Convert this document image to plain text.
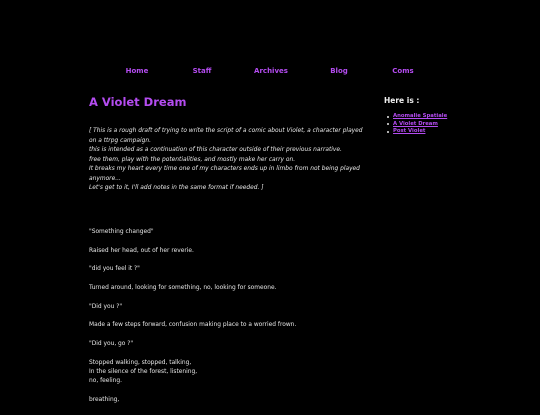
Home	Staff	Archives	Blog	Coms
A Violet Dream
[ This is a rough draft of trying to write the script of a comic about Violet, a character played on a ttrpg campaign.
this is intended as a continuation of this character outside of their previous narrative.
free them, play with the potentialities, and mostly make her carry on.
It breaks my heart every time one of my characters ends up in limbo from not being played anymore...
Let's get to it, I'll add notes in the same format if needed. ]
"Something changed"
Raised her head, out of her reverie.
"did you feel it ?"
Turned around, looking for something, no, looking for someone.
"Did you ?"
Made a few steps forward, confusion making place to a worried frown.
"Did you, go ?"
Stopped walking, stopped, talking,
In the silence of the forest, listening,
no, feeling.
breathing,
Here is :
Anomalie Spatiale
A Violet Dream
Post Violet
